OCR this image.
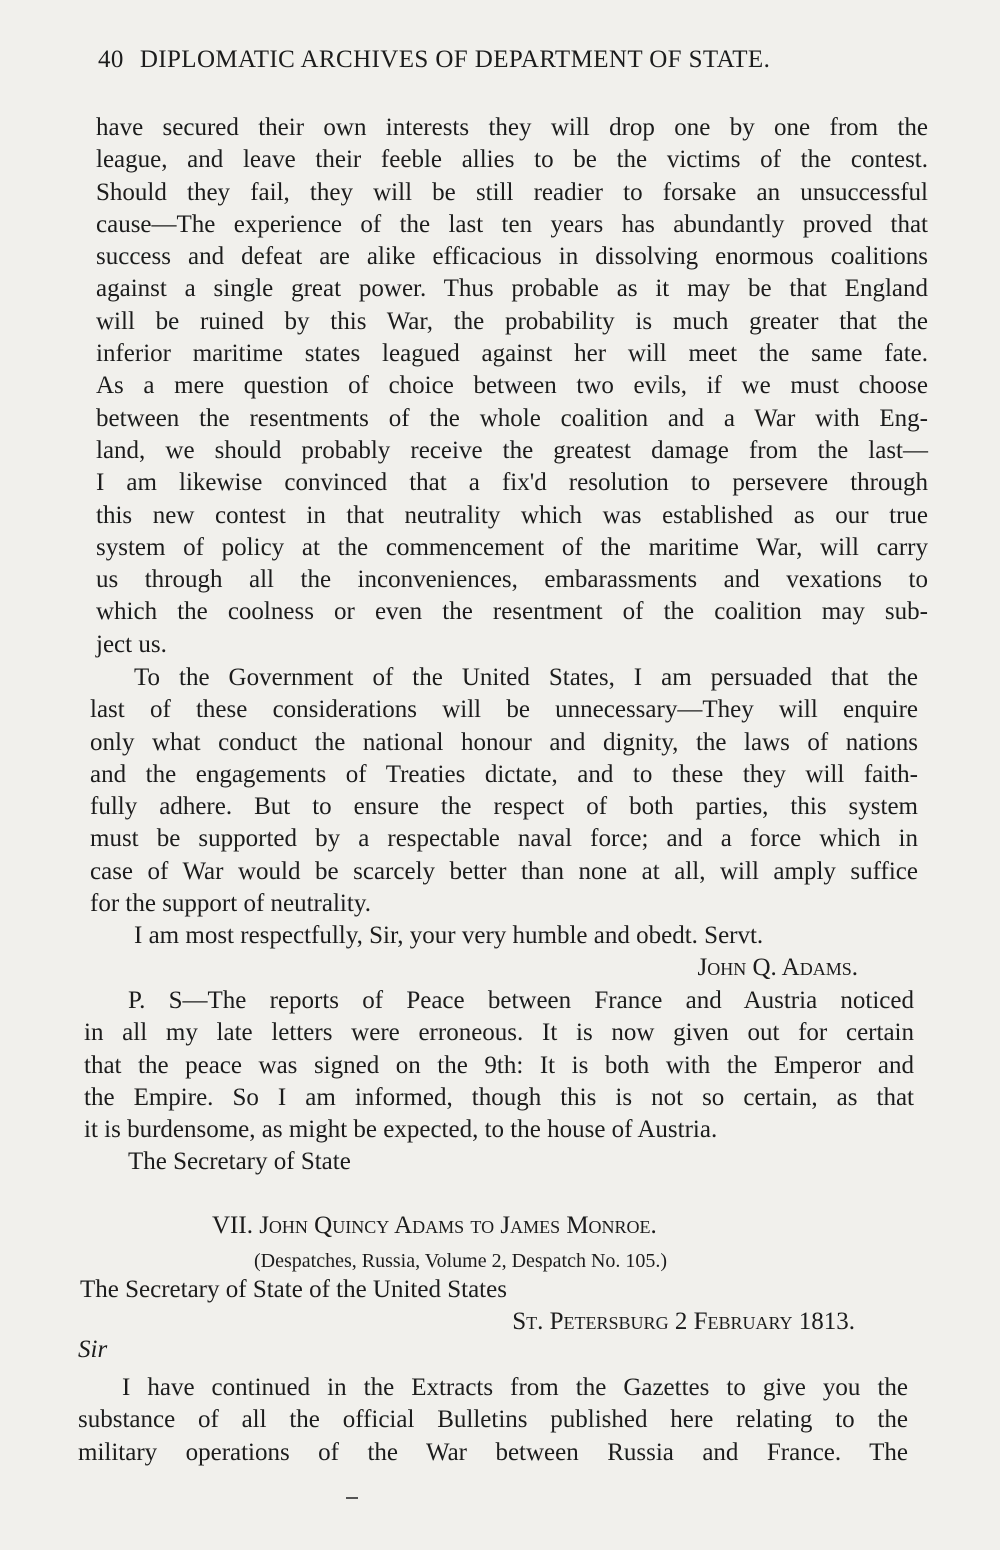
40 DIPLOMATIC ARCHIVES OF DEPARTMENT OF STATE.
have secured their own interests they will drop one by one from the
league, and leave their feeble allies to be the victims of the contest.
Should they fail, they will be still readier to forsake an unsuccessful
cause—The experience of the last ten years has abundantly proved that
success and defeat are alike efficacious in dissolving enormous coalitions
against a single great power. Thus probable as it may be that England
will be ruined by this War, the probability is much greater that the
inferior maritime states leagued against her will meet the same fate.
As a mere question of choice between two evils, if we must choose
between the resentments of the whole coalition and a War with Eng-
land, we should probably receive the greatest damage from the last—
I am likewise convinced that a fix'd resolution to persevere through
this new contest in that neutrality which was established as our true
system of policy at the commencement of the maritime War, will carry
us through all the inconveniences, embarassments and vexations to
which the coolness or even the resentment of the coalition may sub-
ject us.
To the Government of the United States, I am persuaded that the
last of these considerations will be unnecessary—They will enquire
only what conduct the national honour and dignity, the laws of nations
and the engagements of Treaties dictate, and to these they will faith-
fully adhere. But to ensure the respect of both parties, this system
must be supported by a respectable naval force; and a force which in
case of War would be scarcely better than none at all, will amply suffice
for the support of neutrality.
I am most respectfully, Sir, your very humble and obedt. Servt.
John Q. Adams.
P. S—The reports of Peace between France and Austria noticed
in all my late letters were erroneous. It is now given out for certain
that the peace was signed on the 9th: It is both with the Emperor and
the Empire. So I am informed, though this is not so certain, as that
it is burdensome, as might be expected, to the house of Austria.
The Secretary of State
VII. John Quincy Adams to James Monroe.
(Despatches, Russia, Volume 2, Despatch No. 105.)
The Secretary of State of the United States
St. Petersburg 2 February 1813.
Sir
I have continued in the Extracts from the Gazettes to give you the
substance of all the official Bulletins published here relating to the
military operations of the War between Russia and France. The
